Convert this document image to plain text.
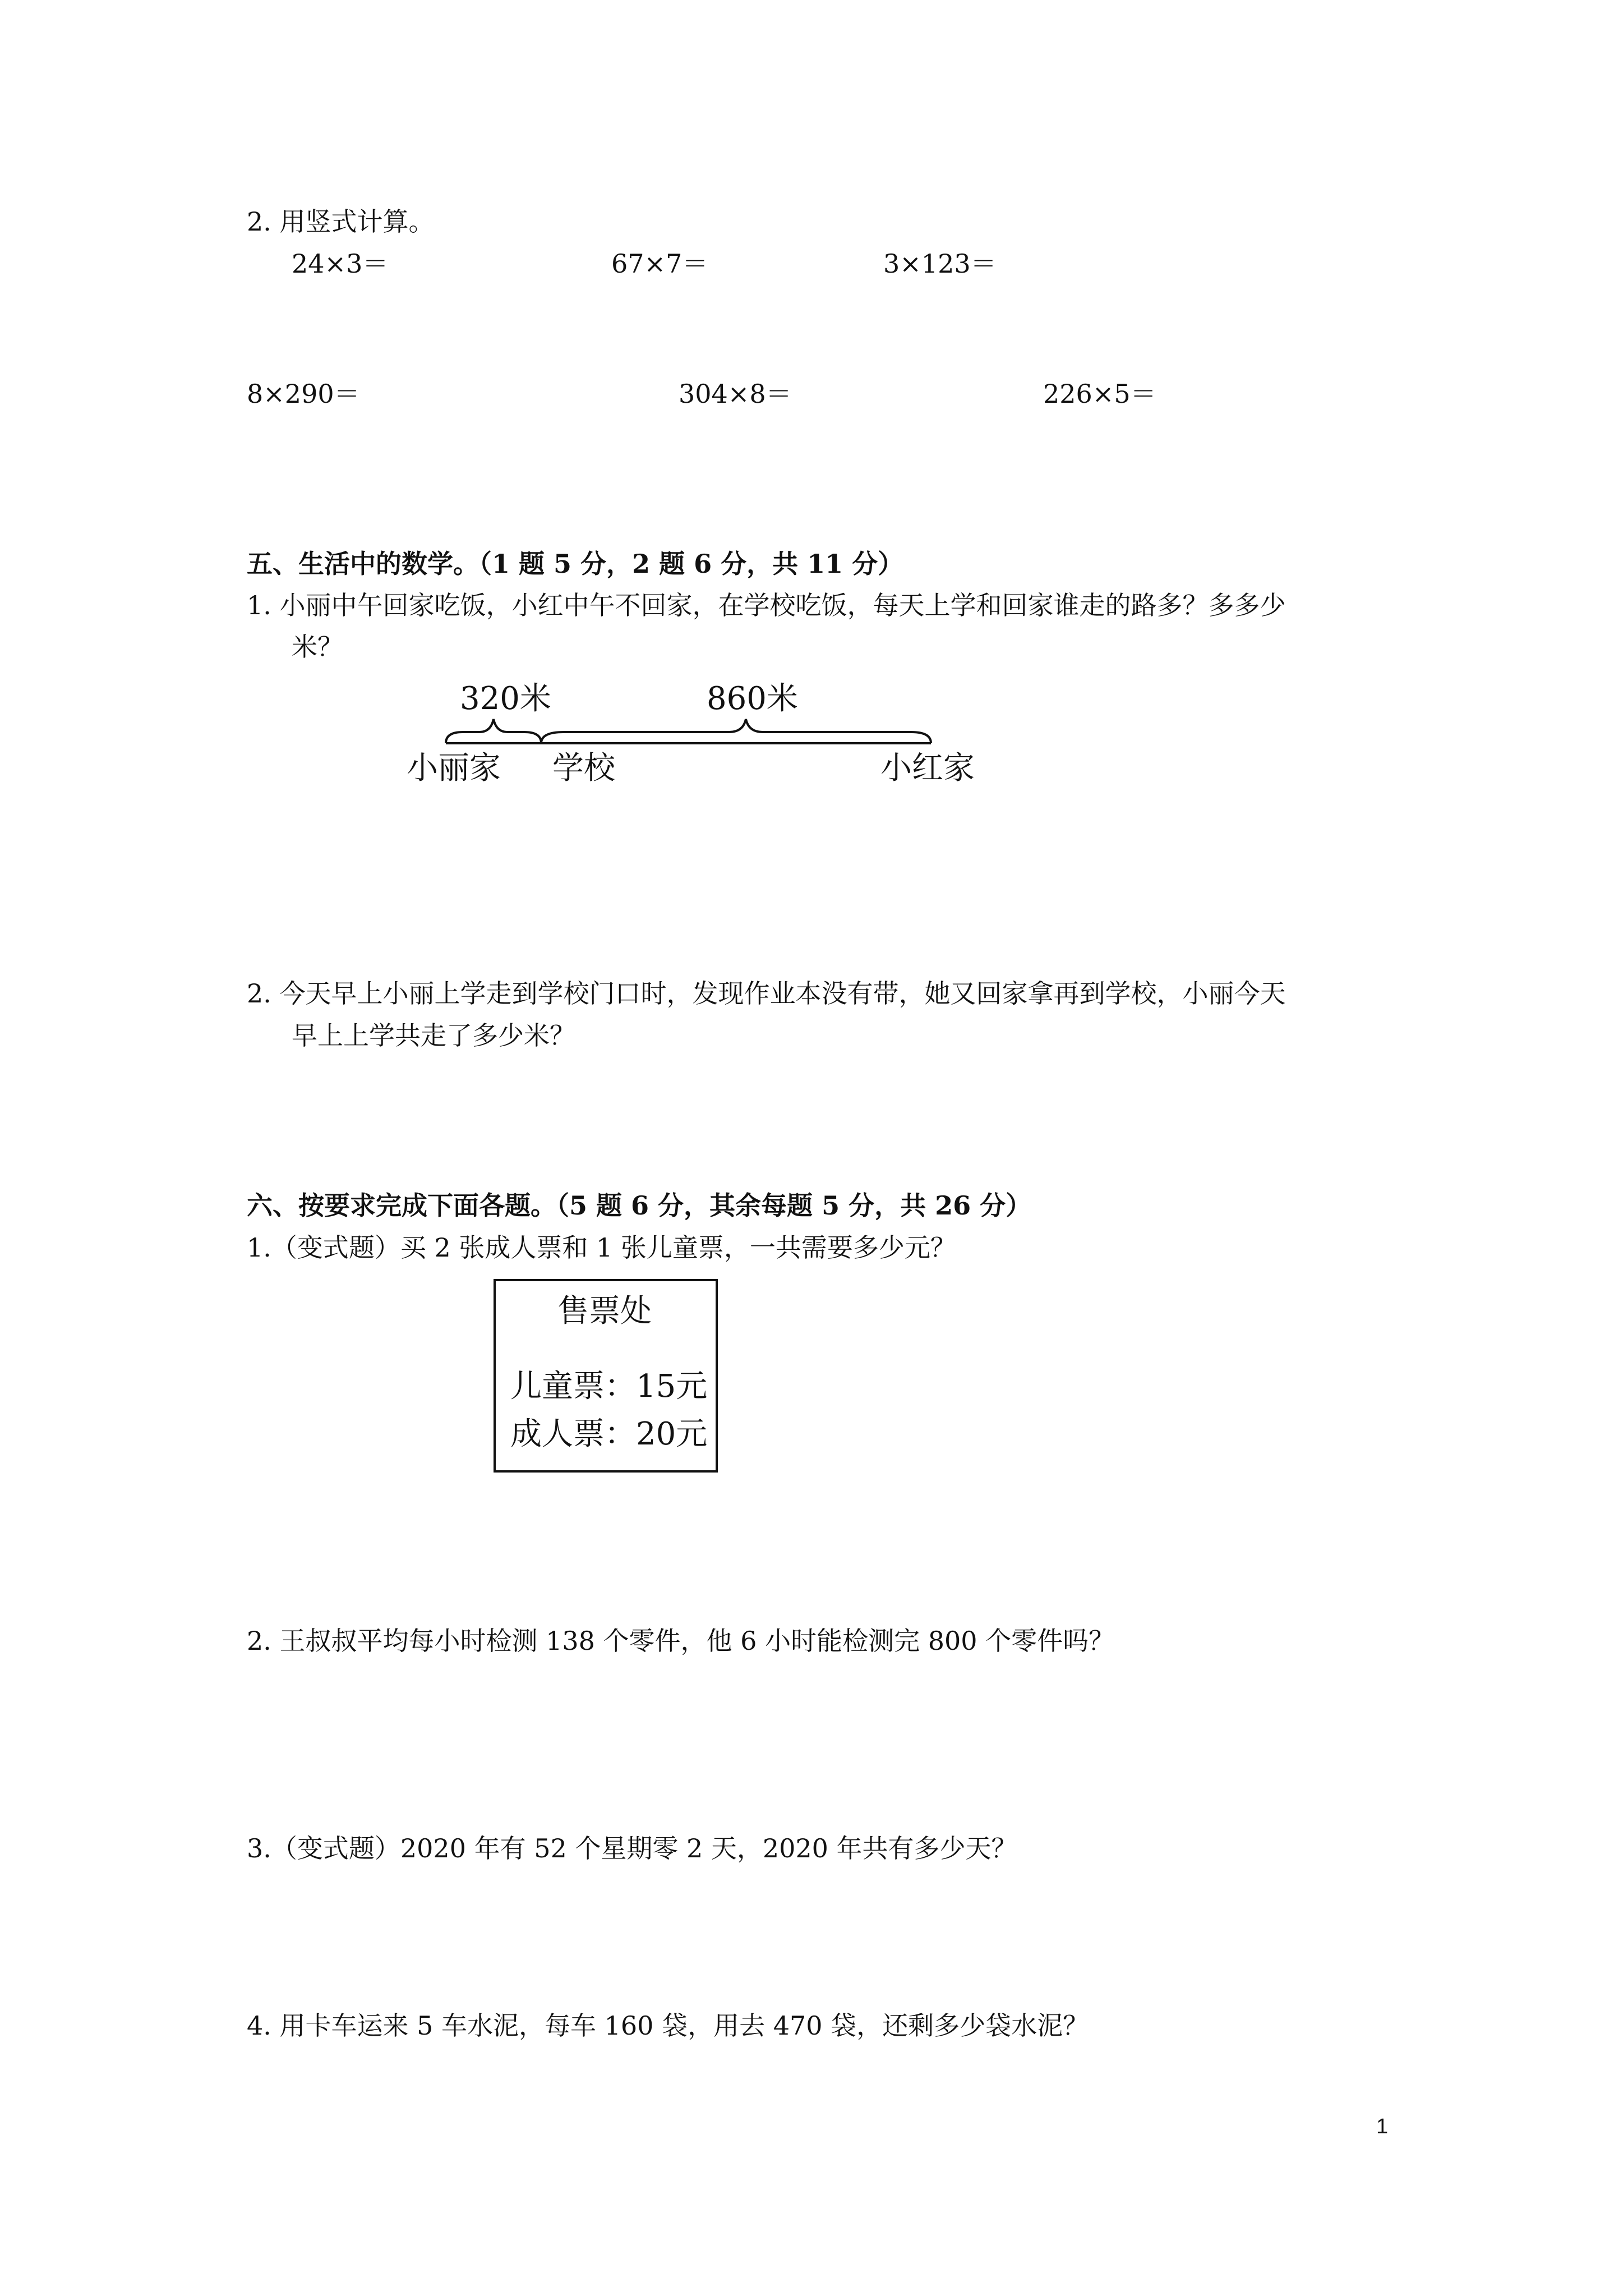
2. 用竖式计算。
24×3＝	67×7＝	3×123＝
8×290＝	304×8＝	226×5＝
五、生活中的数学。（1 题 5 分，2 题 6 分，共 11 分）
1. 小丽中午回家吃饭，小红中午不回家，在学校吃饭，每天上学和回家谁走的路多？多多少
米？
320米	860米
小丽家 学校	小红家
2. 今天早上小丽上学走到学校门口时，发现作业本没有带，她又回家拿再到学校，小丽今天
早上上学共走了多少米？
六、按要求完成下面各题。（5 题 6 分，其余每题 5 分，共 26 分）
1.（变式题）买 2 张成人票和 1 张儿童票，一共需要多少元？
售票处
儿童票：15元
成人票：20元
2. 王叔叔平均每小时检测 138 个零件，他 6 小时能检测完 800 个零件吗？
3.（变式题）2020 年有 52 个星期零 2 天，2020 年共有多少天？
4. 用卡车运来 5 车水泥，每车 160 袋，用去 470 袋，还剩多少袋水泥？
1
